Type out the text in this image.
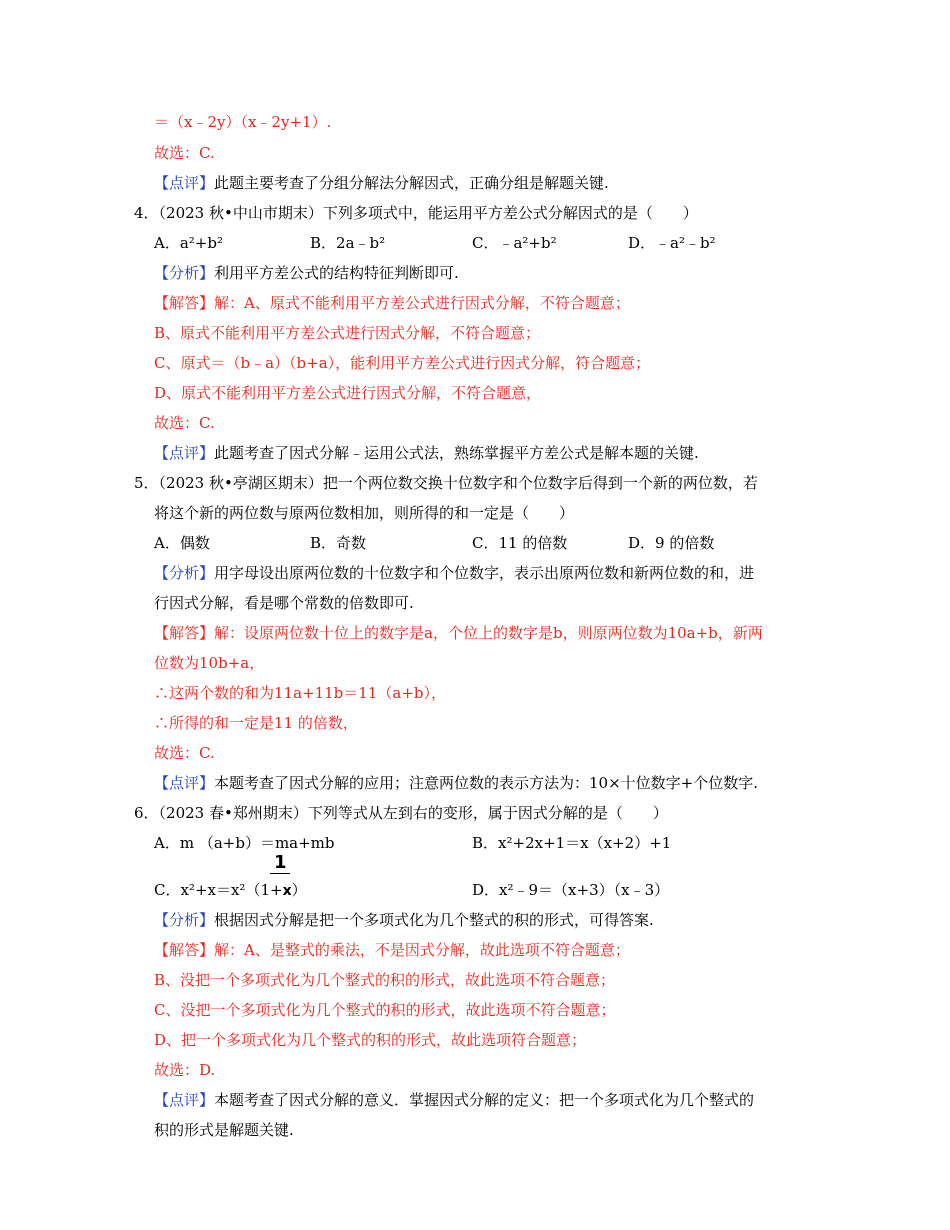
＝（x﹣2y）（x﹣2y+1）.
故选：C.
【点评】此题主要考查了分组分解法分解因式，正确分组是解题关键.
4．（2023 秋•中山市期末）下列多项式中，能运用平方差公式分解因式的是（　　）
A．a²+b²	B．2a﹣b²	C．﹣a²+b²	D．﹣a²﹣b²
【分析】利用平方差公式的结构特征判断即可.
【解答】解：A、原式不能利用平方差公式进行因式分解，不符合题意；
B、原式不能利用平方差公式进行因式分解，不符合题意；
C、原式＝（b﹣a）（b+a），能利用平方差公式进行因式分解，符合题意；
D、原式不能利用平方差公式进行因式分解，不符合题意，
故选：C.
【点评】此题考查了因式分解﹣运用公式法，熟练掌握平方差公式是解本题的关键.
5．（2023 秋•亭湖区期末）把一个两位数交换十位数字和个位数字后得到一个新的两位数，若
将这个新的两位数与原两位数相加，则所得的和一定是（　　）
A．偶数	B．奇数	C．11 的倍数	D．9 的倍数
【分析】用字母设出原两位数的十位数字和个位数字，表示出原两位数和新两位数的和，进
行因式分解，看是哪个常数的倍数即可.
【解答】解：设原两位数十位上的数字是a，个位上的数字是b，则原两位数为10a+b，新两
位数为10b+a，
∴这两个数的和为11a+11b＝11（a+b），
∴所得的和一定是11 的倍数，
故选：C.
【点评】本题考查了因式分解的应用；注意两位数的表示方法为：10×十位数字+个位数字.
6．（2023 春•郑州期末）下列等式从左到右的变形，属于因式分解的是（　　）
A．m （a+b）＝ma+mb	B．x²+2x+1＝x（x+2）+1
1
C．x²+x＝x²（1+x）	D．x²﹣9＝（x+3）（x﹣3）
【分析】根据因式分解是把一个多项式化为几个整式的积的形式，可得答案.
【解答】解：A、是整式的乘法，不是因式分解，故此选项不符合题意；
B、没把一个多项式化为几个整式的积的形式，故此选项不符合题意；
C、没把一个多项式化为几个整式的积的形式，故此选项不符合题意；
D、把一个多项式化为几个整式的积的形式，故此选项符合题意；
故选：D.
【点评】本题考查了因式分解的意义．掌握因式分解的定义：把一个多项式化为几个整式的
积的形式是解题关键.
